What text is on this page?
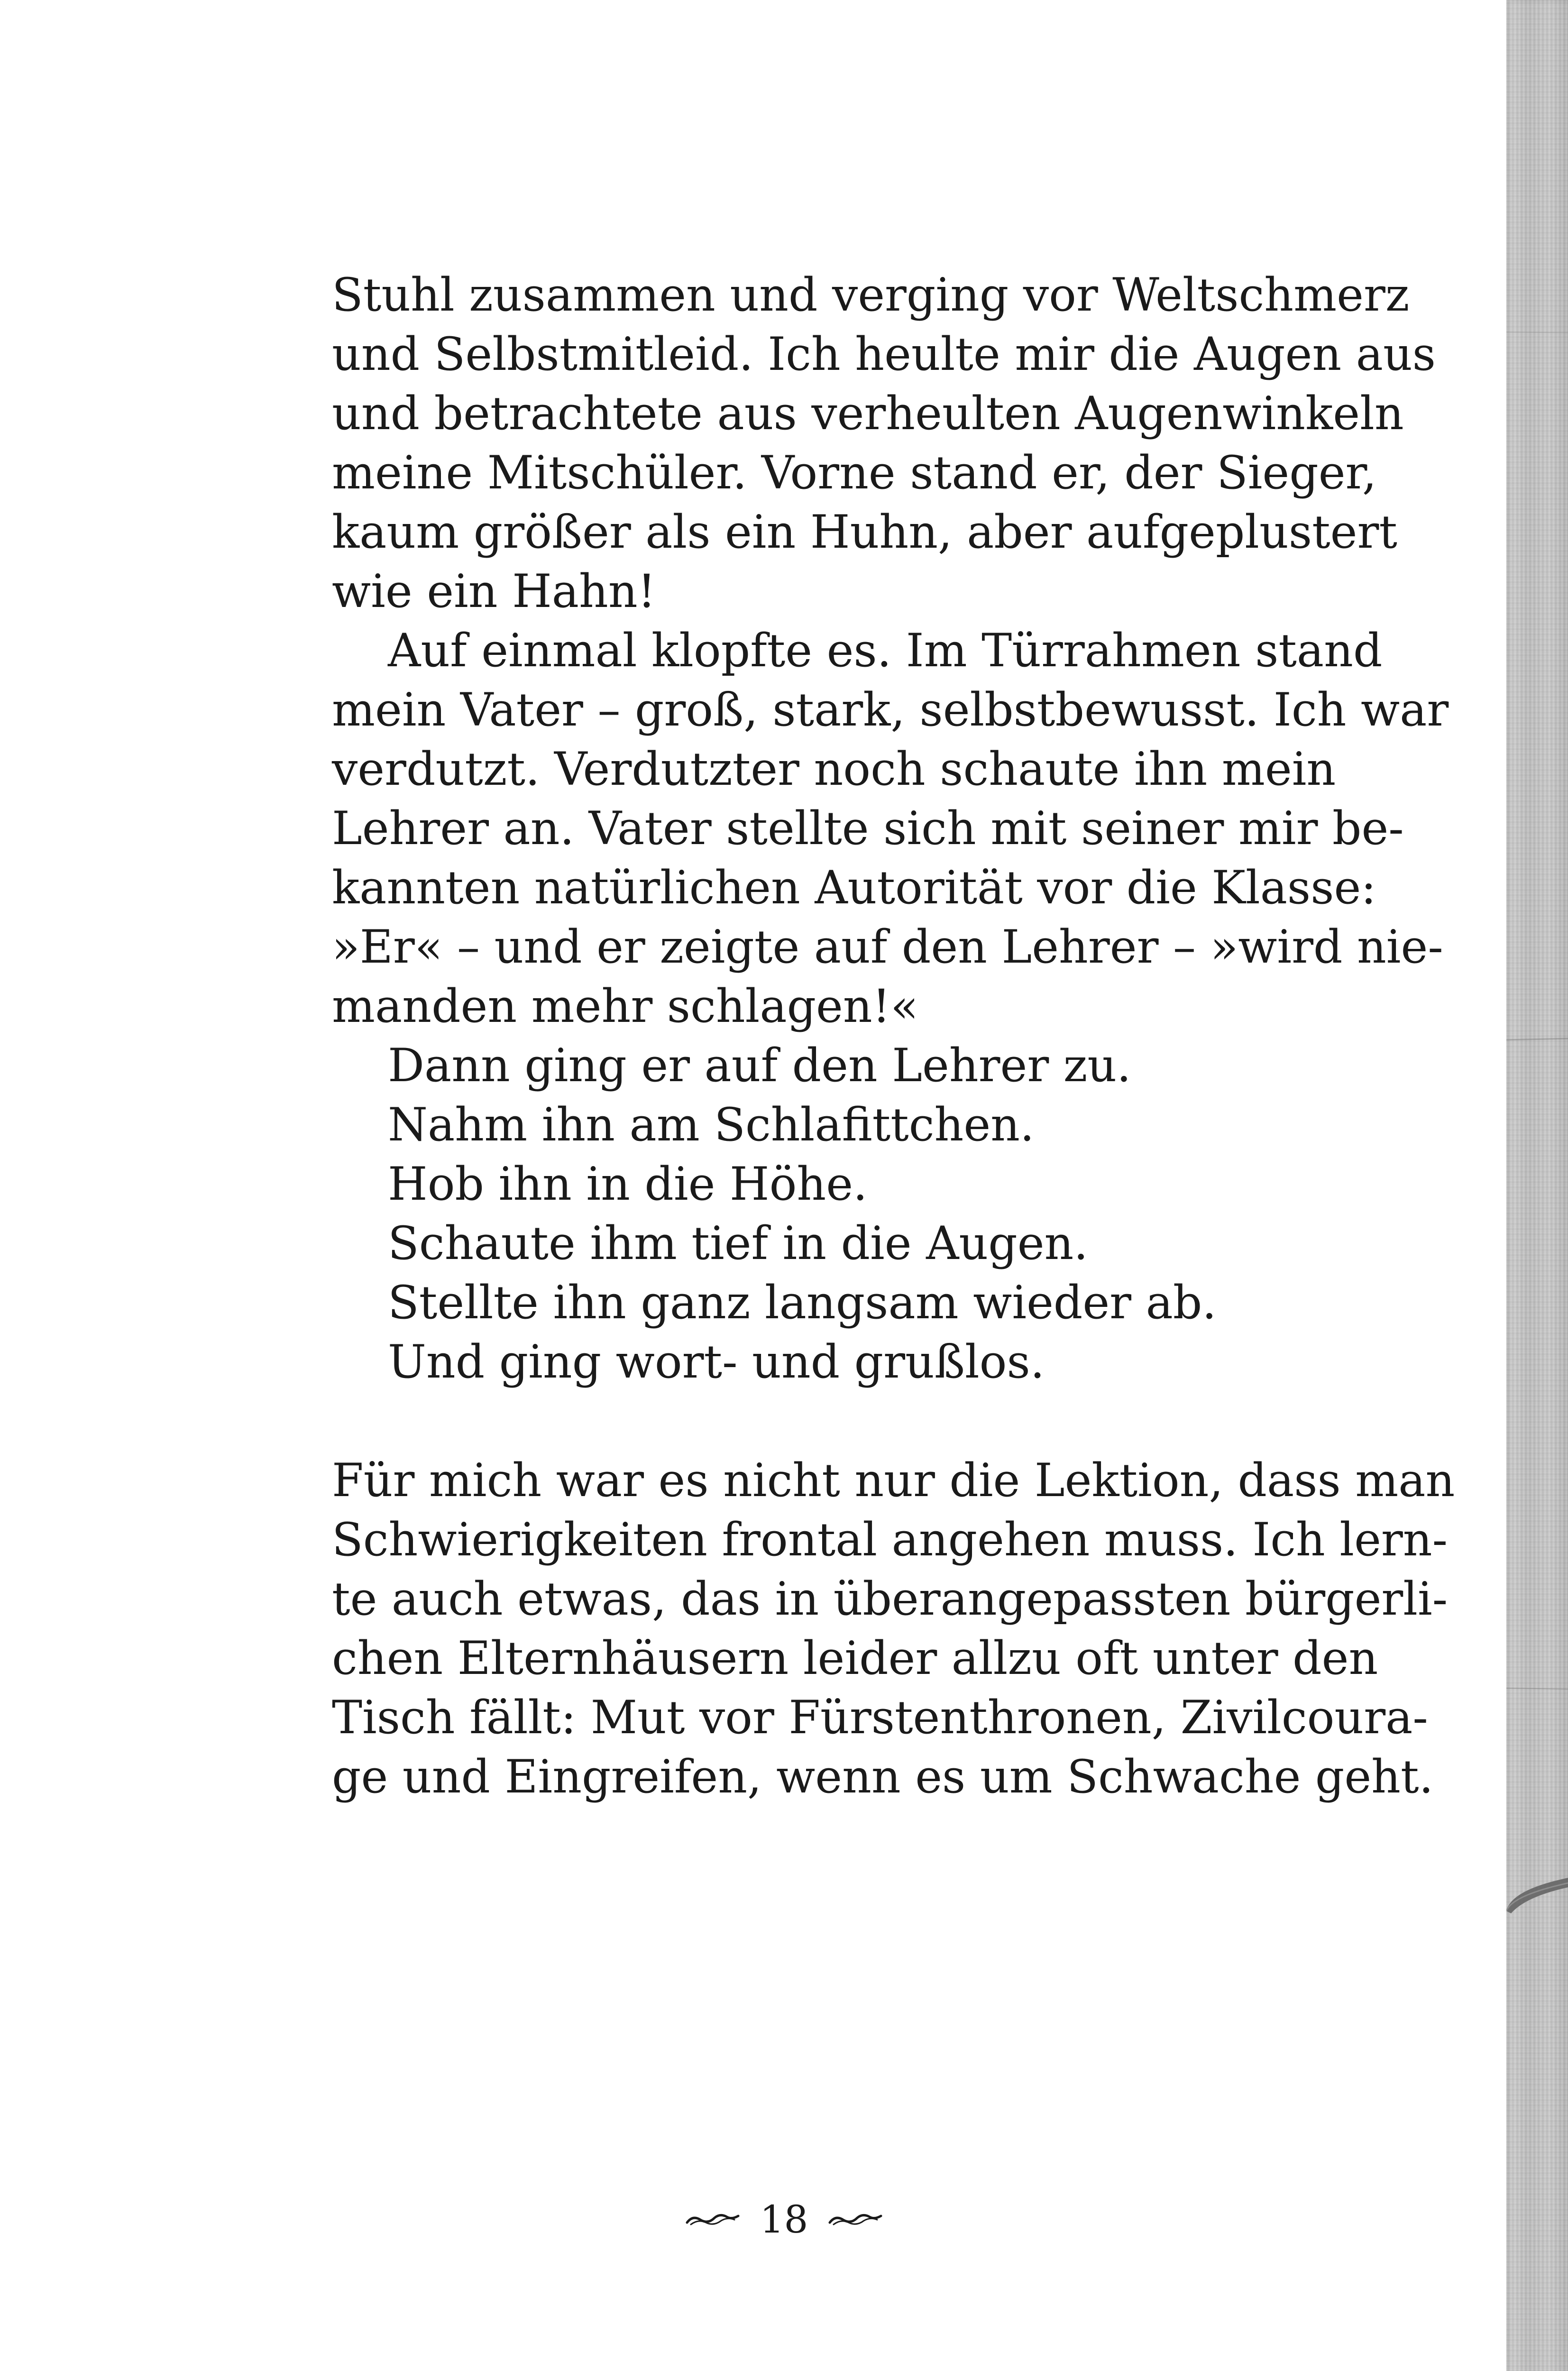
Stuhl zusammen und verging vor Weltschmerz
und Selbstmitleid. Ich heulte mir die Augen aus
und betrachtete aus verheulten Augenwinkeln
meine Mitschüler. Vorne stand er, der Sieger,
kaum größer als ein Huhn, aber aufgeplustert
wie ein Hahn!

Auf einmal klopfte es. Im Türrahmen stand
mein Vater – groß, stark, selbstbewusst. Ich war
verdutzt. Verdutzter noch schaute ihn mein
Lehrer an. Vater stellte sich mit seiner mir be-
kannten natürlichen Autorität vor die Klasse:
»Er« – und er zeigte auf den Lehrer – »wird nie-
manden mehr schlagen!«

Dann ging er auf den Lehrer zu.
Nahm ihn am Schlafittchen.
Hob ihn in die Höhe.
Schaute ihm tief in die Augen.
Stellte ihn ganz langsam wieder ab.
Und ging wort- und grußlos.

Für mich war es nicht nur die Lektion, dass man
Schwierigkeiten frontal angehen muss. Ich lern-
te auch etwas, das in überangepassten bürgerli-
chen Elternhäusern leider allzu oft unter den
Tisch fällt: Mut vor Fürstenthronen, Zivilcoura-
ge und Eingreifen, wenn es um Schwache geht.

18
